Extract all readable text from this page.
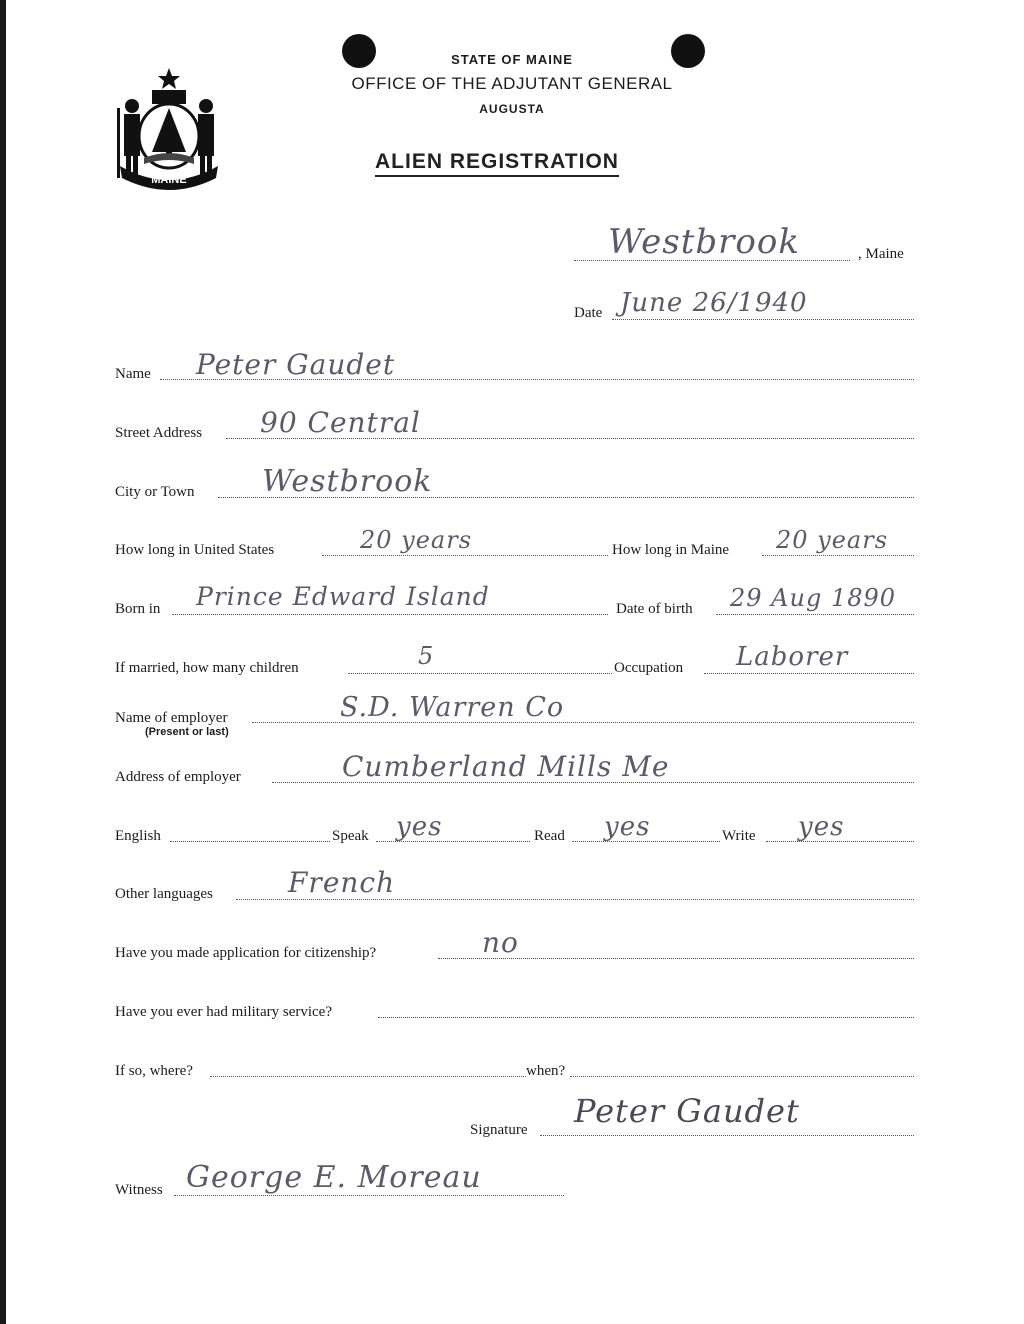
MAINE
STATE OF MAINE
OFFICE OF THE ADJUTANT GENERAL
AUGUSTA
ALIEN REGISTRATION
Westbrook	, Maine
Date June 26/1940
Name Peter Gaudet
Street Address 90 Central
City or Town Westbrook
How long in United States	20 years	How long in Maine 20 years
Born in Prince Edward Island	Date of birth 29 Aug 1890
If married, how many children	5	Occupation Laborer
Name of employer
(Present or last)
S.D. Warren Co
Address of employer	Cumberland Mills Me
English	Speak yes	Read yes	Write yes
Other languages	French
Have you made application for citizenship?	no
Have you ever had military service?
If so, where?	when?
Signature Peter Gaudet
Witness George E. Moreau
